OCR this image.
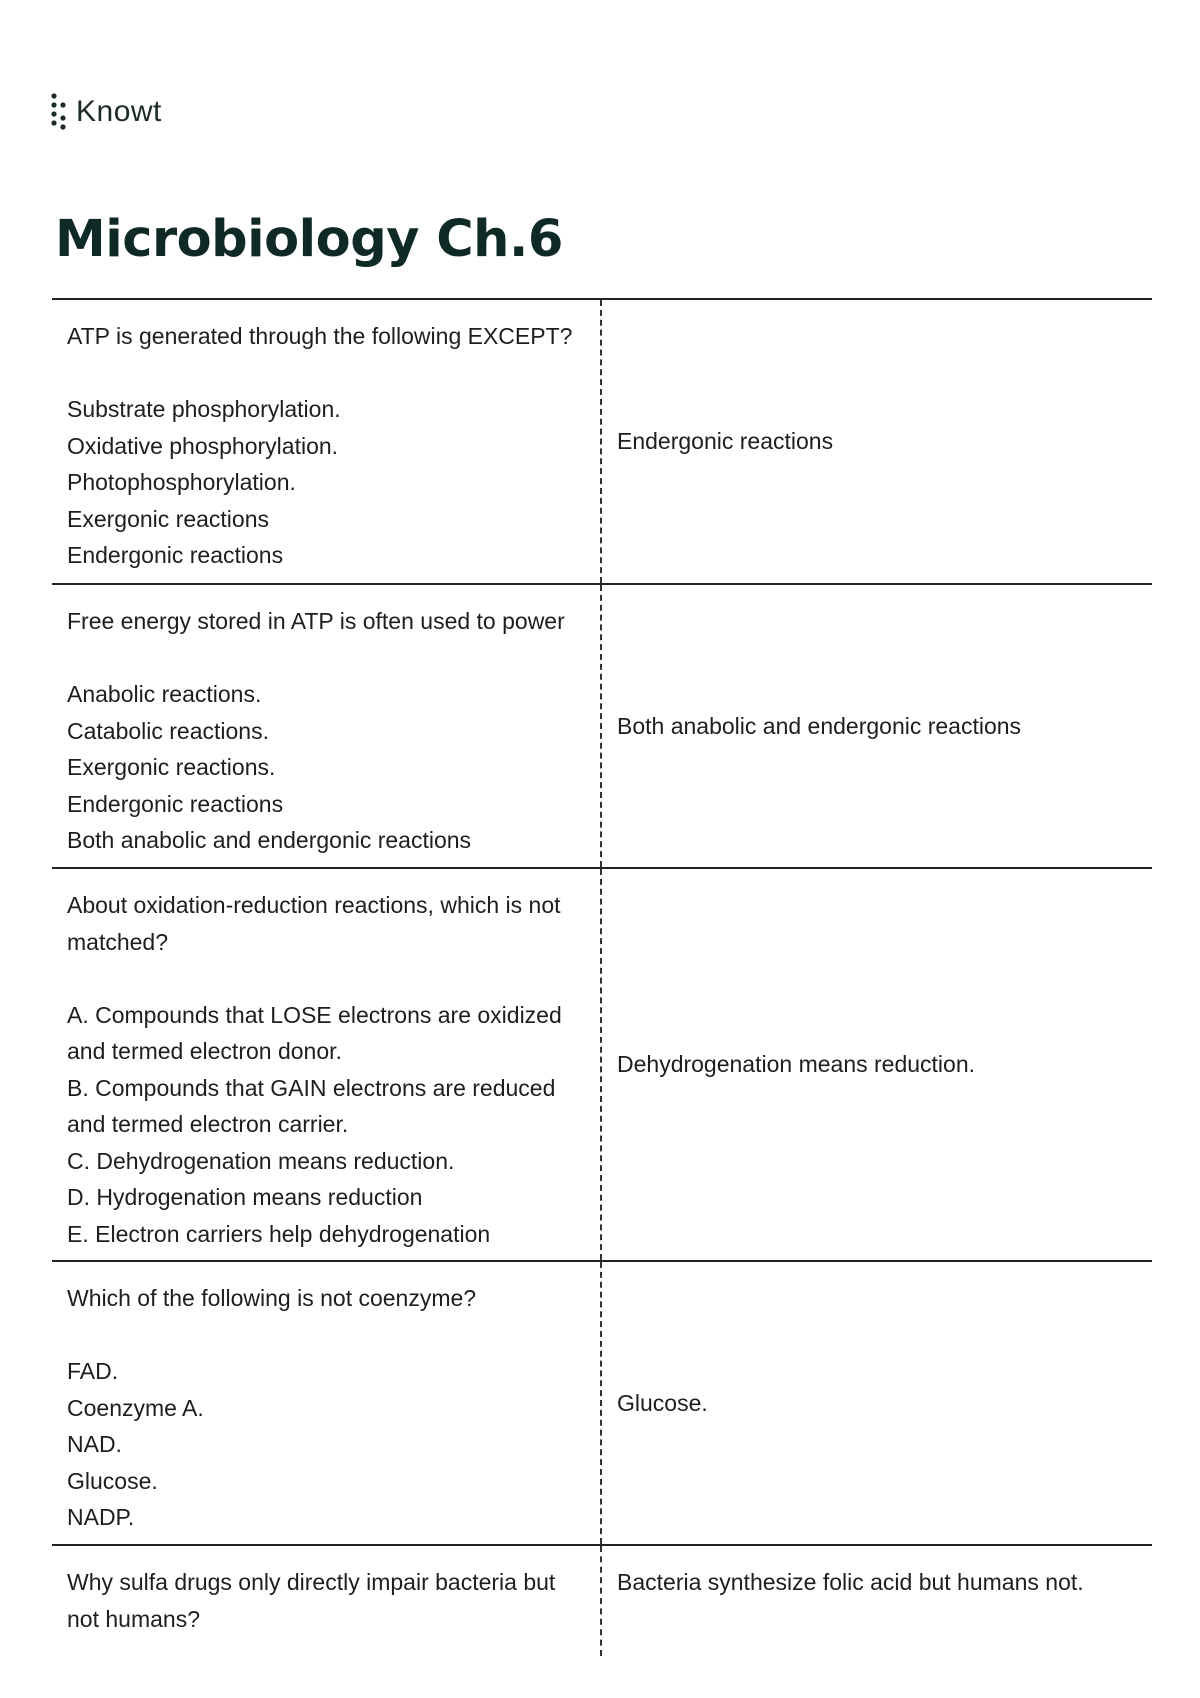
Knowt
Microbiology Ch.6
ATP is generated through the following EXCEPT?
Substrate phosphorylation.
Oxidative phosphorylation.
Photophosphorylation.
Exergonic reactions
Endergonic reactions
Endergonic reactions
Free energy stored in ATP is often used to power
Anabolic reactions.
Catabolic reactions.
Exergonic reactions.
Endergonic reactions
Both anabolic and endergonic reactions
Both anabolic and endergonic reactions
About oxidation-reduction reactions, which is not matched?
A. Compounds that LOSE electrons are oxidized and termed electron donor.
B. Compounds that GAIN electrons are reduced and termed electron carrier.
C. Dehydrogenation means reduction.
D. Hydrogenation means reduction
E. Electron carriers help dehydrogenation
Dehydrogenation means reduction.
Which of the following is not coenzyme?
FAD.
Coenzyme A.
NAD.
Glucose.
NADP.
Glucose.
Why sulfa drugs only directly impair bacteria but not humans?
Bacteria synthesize folic acid but humans not.
